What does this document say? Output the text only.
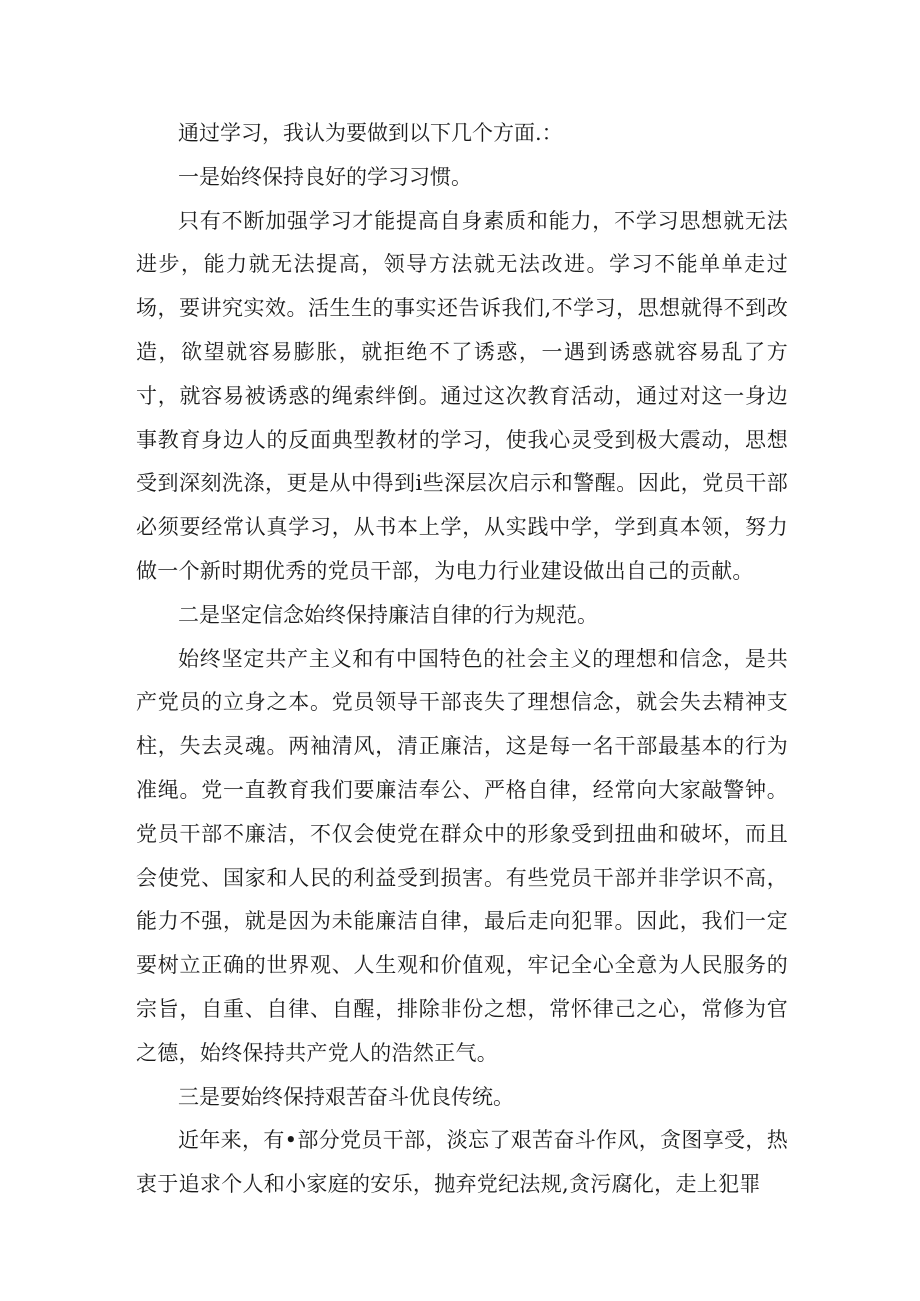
通过学习，我认为要做到以下几个方面.：

一是始终保持良好的学习习惯。

只有不断加强学习才能提高自身素质和能力，不学习思想就无法进步，能力就无法提高，领导方法就无法改进。学习不能单单走过场，要讲究实效。活生生的事实还告诉我们,不学习，思想就得不到改造，欲望就容易膨胀，就拒绝不了诱惑，一遇到诱惑就容易乱了方寸，就容易被诱惑的绳索绊倒。通过这次教育活动，通过对这一身边事教育身边人的反面典型教材的学习，使我心灵受到极大震动，思想受到深刻洗涤，更是从中得到i些深层次启示和警醒。因此，党员干部必须要经常认真学习，从书本上学，从实践中学，学到真本领，努力做一个新时期优秀的党员干部，为电力行业建设做出自己的贡献。

二是坚定信念始终保持廉洁自律的行为规范。

始终坚定共产主义和有中国特色的社会主义的理想和信念，是共产党员的立身之本。党员领导干部丧失了理想信念，就会失去精神支柱，失去灵魂。两袖清风，清正廉洁，这是每一名干部最基本的行为准绳。党一直教育我们要廉洁奉公、严格自律，经常向大家敲警钟。党员干部不廉洁，不仅会使党在群众中的形象受到扭曲和破坏，而且会使党、国家和人民的利益受到损害。有些党员干部并非学识不高，能力不强，就是因为未能廉洁自律，最后走向犯罪。因此，我们一定要树立正确的世界观、人生观和价值观，牢记全心全意为人民服务的宗旨，自重、自律、自醒，排除非份之想，常怀律己之心，常修为官之德，始终保持共产党人的浩然正气。

三是要始终保持艰苦奋斗优良传统。

近年来，有•部分党员干部，淡忘了艰苦奋斗作风，贪图享受，热衷于追求个人和小家庭的安乐，抛弃党纪法规,贪污腐化，走上犯罪
